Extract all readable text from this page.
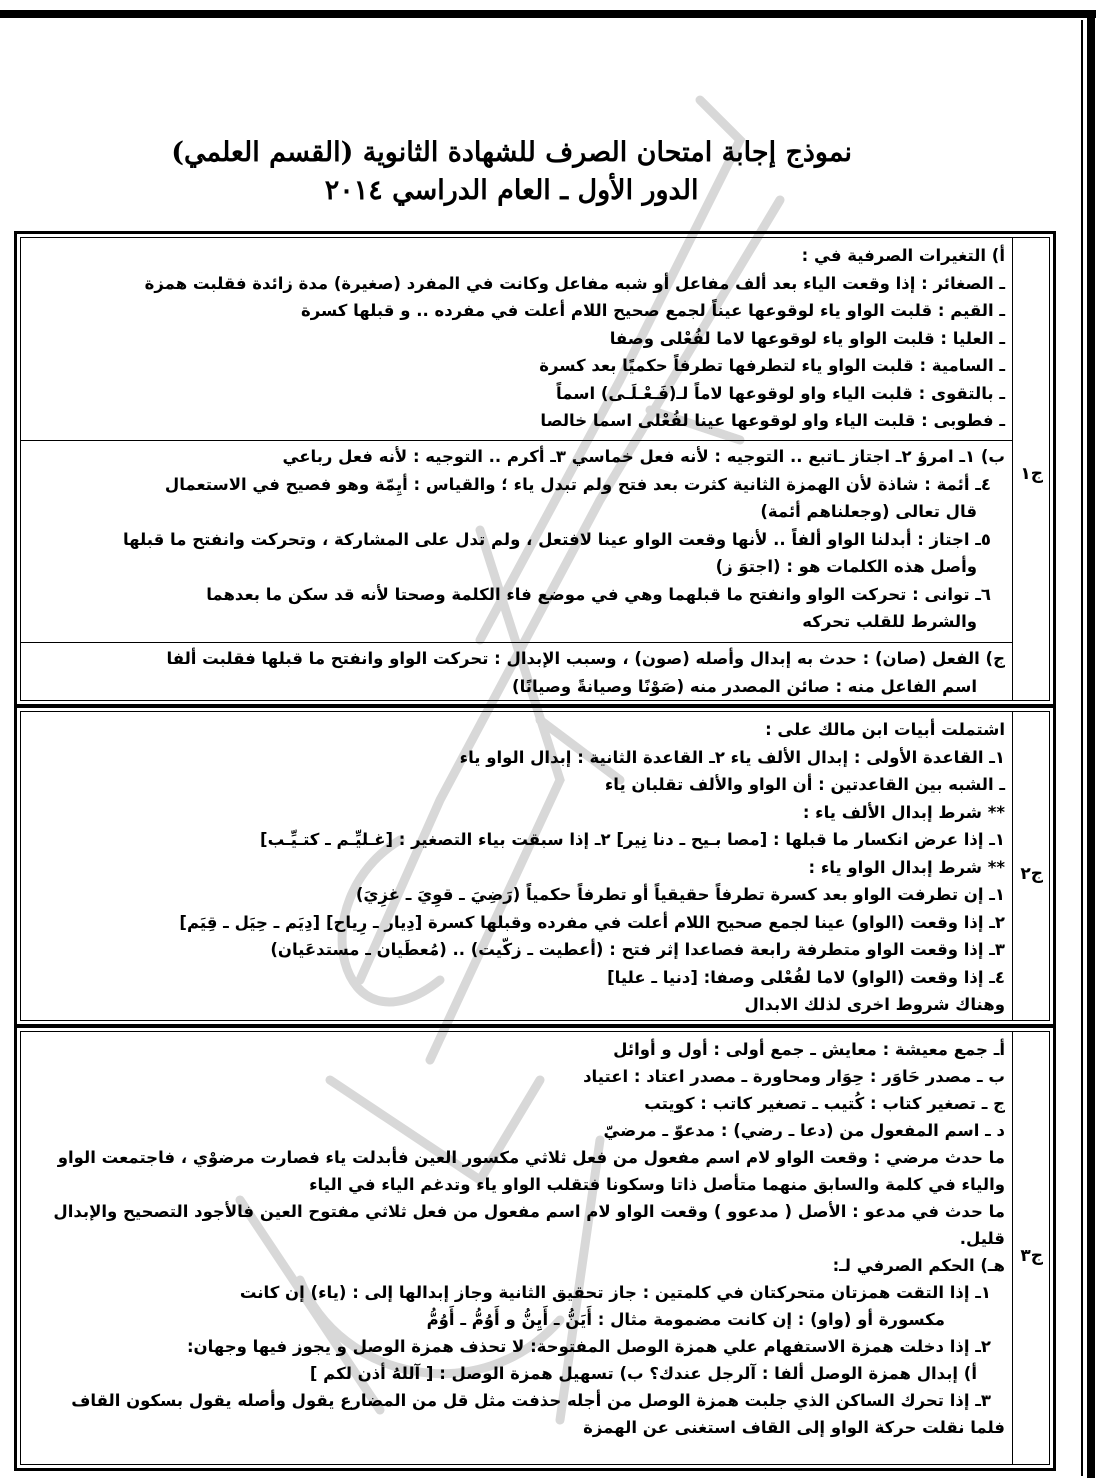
نموذج إجابة امتحان الصرف للشهادة الثانوية (القسم العلمي)
الدور الأول ـ العام الدراسي ٢٠١٤
ج١
أ) التغيرات الصرفية في :
ـ الصغائر : إذا وقعت الياء بعد ألف مفاعل أو شبه مفاعل وكانت في المفرد (صغيرة) مدة زائدة فقلبت همزة
ـ القيم : قلبت الواو ياء لوقوعها عيناً لجمع صحيح اللام أعلت في مفرده .. و قبلها كسرة
ـ العليا : قلبت الواو ياء لوقوعها لاما لفُعْلى وصفا
ـ السامية : قلبت الواو ياء لتطرفها تطرفاً حكميًا بعد كسرة
ـ بالتقوى : قلبت الياء واو لوقوعها لاماً لـ(فَـعْـلَـى) اسماً
ـ فطوبى : قلبت الياء واو لوقوعها عينا لفُعْلى اسما خالصا
ب) ١ـ امرؤ ٢ـ اجتاز ـاتبع .. التوجيه : لأنه فعل خماسي ٣ـ أكرم .. التوجيه : لأنه فعل رباعي
٤ـ أئمة : شاذة لأن الهمزة الثانية كثرت بعد فتح ولم تبدل ياء ؛ والقياس : أيِمّة وهو فصيح في الاستعمال
قال تعالى (وجعلناهم أئمة)
٥ـ اجتاز : أبدلنا الواو ألفاً .. لأنها وقعت الواو عينا لافتعل ، ولم تدل على المشاركة ، وتحركت وانفتح ما قبلها
وأصل هذه الكلمات هو : (اجتوَ ز)
٦ـ توانى : تحركت الواو وانفتح ما قبلهما وهي في موضع فاء الكلمة وصحتا لأنه قد سكن ما بعدهما
والشرط للقلب تحركه
ج) الفعل (صان) : حدث به إبدال وأصله (صون) ، وسبب الإبدال : تحركت الواو وانفتح ما قبلها فقلبت ألفا
اسم الفاعل منه : صائن المصدر منه (صَوْنًا وصيانةً وصيانًا)
ج٢
اشتملت أبيات ابن مالك على :
١ـ القاعدة الأولى : إبدال الألف ياء ٢ـ القاعدة الثانية : إبدال الواو ياء
ـ الشبه بين القاعدتين : أن الواو والألف تقلبان ياء
** شرط إبدال الألف ياء :
١ـ إذا عرض انكسار ما قبلها : [مصا بـيح ـ دنا نِير] ٢ـ إذا سبقت بياء التصغير : [غـليِّـم ـ كتـيِّـب]
** شرط إبدال الواو ياء :
١ـ إن تطرفت الواو بعد كسرة تطرفاً حقيقياً أو تطرفاً حكمياً (رَضِيَ ـ قوِيَ ـ غزِيَ)
٢ـ إذا وقعت (الواو) عينا لجمع صحيح اللام أعلت في مفرده وقبلها كسرة [دِيار ـ رِياح] [دِيَم ـ حِيَل ـ قِيَم]
٣ـ إذا وقعت الواو متطرفة رابعة فصاعدا إثر فتح : (أعطيت ـ زكّيت) .. (مُعطَيان ـ مستدعَيان)
٤ـ إذا وقعت (الواو) لاما لفُعْلى وصفا: [دنيا ـ عليا]
وهناك شروط اخرى لذلك الابدال
ج٣
أـ جمع معيشة : معايش ـ جمع أولى : أول و أوائل
ب ـ مصدر حَاوَر : حِوَار ومحاورة ـ مصدر اعتاد : اعتياد
ج ـ تصغير كتاب : كُتيب ـ تصغير كاتب : كويتب
د ـ اسم المفعول من (دعا ـ رضي) : مدعوّ ـ مرضيّ
ما حدث مرضي : وقعت الواو لام اسم مفعول من فعل ثلاثي مكسور العين فأبدلت ياء فصارت مرضوْي ، فاجتمعت الواو
والياء في كلمة والسابق منهما متأصل ذاتا وسكونا فتقلب الواو ياء وتدغم الياء في الياء
ما حدث في مدعو : الأصل ( مدعوو ) وقعت الواو لام اسم مفعول من فعل ثلاثي مفتوح العين فالأجود التصحيح والإبدال
قليل.
هـ) الحكم الصرفي لـ:
١ـ إذا التقت همزتان متحركتان في كلمتين : جاز تحقيق الثانية وجاز إبدالها إلى : (ياء) إن كانت
مكسورة أو (واو) : إن كانت مضمومة مثال : أَيَنُّ ـ أَيِنُّ و أَوُمُّ ـ أَوُمُّ
٢ـ إذا دخلت همزة الاستفهام علي همزة الوصل المفتوحة: لا تحذف همزة الوصل و يجوز فيها وجهان:
أ) إبدال همزة الوصل ألفا : آلرجل عندك؟ ب) تسهيل همزة الوصل : [ آللهُ أذن لكم ]
٣ـ إذا تحرك الساكن الذي جلبت همزة الوصل من أجله حذفت مثل قل من المضارع يقول وأصله يقول بسكون القاف
فلما نقلت حركة الواو إلى القاف استغنى عن الهمزة
